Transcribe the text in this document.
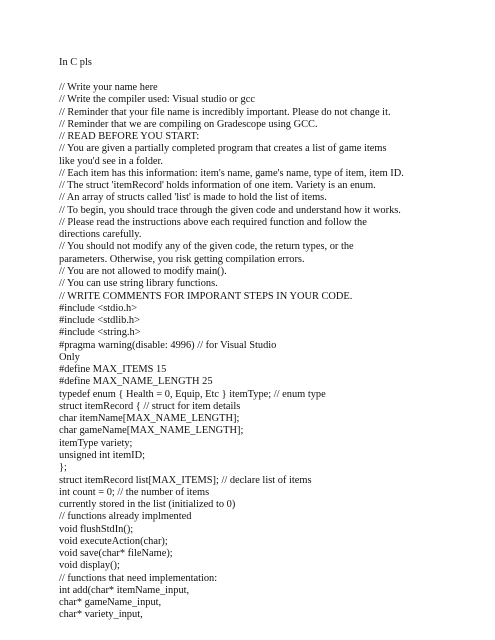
In C pls
// Write your name here
// Write the compiler used: Visual studio or gcc
// Reminder that your file name is incredibly important. Please do not change it.
// Reminder that we are compiling on Gradescope using GCC.
// READ BEFORE YOU START:
// You are given a partially completed program that creates a list of game items
like you'd see in a folder.
// Each item has this information: item's name, game's name, type of item, item ID.
// The struct 'itemRecord' holds information of one item. Variety is an enum.
// An array of structs called 'list' is made to hold the list of items.
// To begin, you should trace through the given code and understand how it works.
// Please read the instructions above each required function and follow the
directions carefully.
// You should not modify any of the given code, the return types, or the
parameters. Otherwise, you risk getting compilation errors.
// You are not allowed to modify main().
// You can use string library functions.
// WRITE COMMENTS FOR IMPORANT STEPS IN YOUR CODE.
#include <stdio.h>
#include <stdlib.h>
#include <string.h>
#pragma warning(disable: 4996) // for Visual Studio
Only
#define MAX_ITEMS 15
#define MAX_NAME_LENGTH 25
typedef enum { Health = 0, Equip, Etc } itemType; // enum type
struct itemRecord { // struct for item details
char itemName[MAX_NAME_LENGTH];
char gameName[MAX_NAME_LENGTH];
itemType variety;
unsigned int itemID;
};
struct itemRecord list[MAX_ITEMS]; // declare list of items
int count = 0; // the number of items
currently stored in the list (initialized to 0)
// functions already implmented
void flushStdIn();
void executeAction(char);
void save(char* fileName);
void display();
// functions that need implementation:
int add(char* itemName_input,
char* gameName_input,
char* variety_input,
